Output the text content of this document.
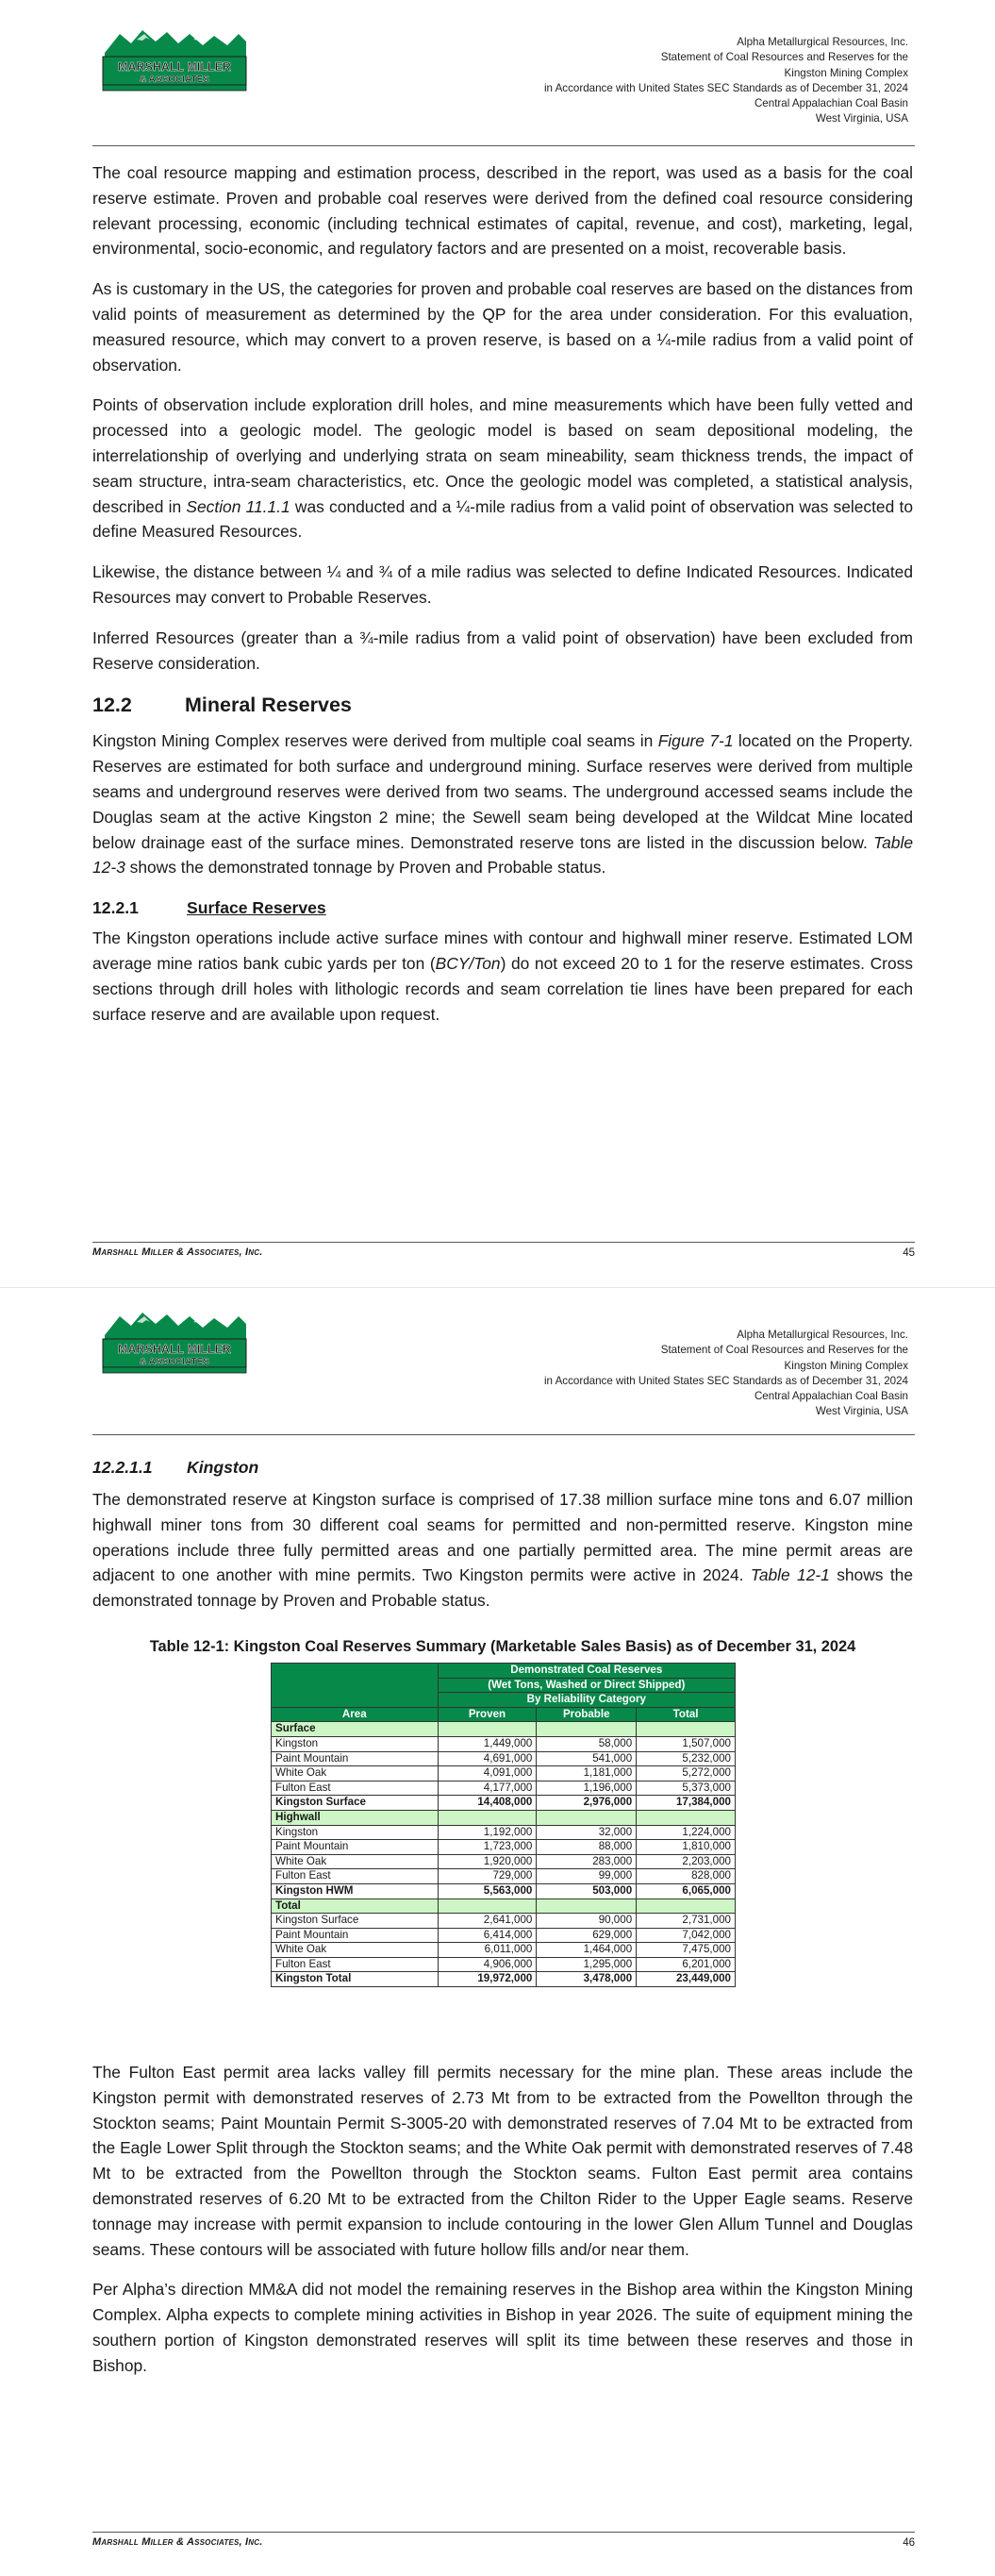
MARSHALL MILLER
& ASSOCIATES
Alpha Metallurgical Resources, Inc.
Statement of Coal Resources and Reserves for the
Kingston Mining Complex
in Accordance with United States SEC Standards as of December 31, 2024
Central Appalachian Coal Basin
West Virginia, USA

The coal resource mapping and estimation process, described in the report, was used as a basis for the coal reserve estimate. Proven and probable coal reserves were derived from the defined coal resource considering relevant processing, economic (including technical estimates of capital, revenue, and cost), marketing, legal, environmental, socio-economic, and regulatory factors and are presented on a moist, recoverable basis.

As is customary in the US, the categories for proven and probable coal reserves are based on the distances from valid points of measurement as determined by the QP for the area under consideration. For this evaluation, measured resource, which may convert to a proven reserve, is based on a ¼-mile radius from a valid point of observation.

Points of observation include exploration drill holes, and mine measurements which have been fully vetted and processed into a geologic model. The geologic model is based on seam depositional modeling, the interrelationship of overlying and underlying strata on seam mineability, seam thickness trends, the impact of seam structure, intra-seam characteristics, etc. Once the geologic model was completed, a statistical analysis, described in Section 11.1.1 was conducted and a ¼-mile radius from a valid point of observation was selected to define Measured Resources.

Likewise, the distance between ¼ and ¾ of a mile radius was selected to define Indicated Resources. Indicated Resources may convert to Probable Reserves.

Inferred Resources (greater than a ¾-mile radius from a valid point of observation) have been excluded from Reserve consideration.

12.2	Mineral Reserves

Kingston Mining Complex reserves were derived from multiple coal seams in Figure 7-1 located on the Property. Reserves are estimated for both surface and underground mining. Surface reserves were derived from multiple seams and underground reserves were derived from two seams. The underground accessed seams include the Douglas seam at the active Kingston 2 mine; the Sewell seam being developed at the Wildcat Mine located below drainage east of the surface mines. Demonstrated reserve tons are listed in the discussion below. Table 12-3 shows the demonstrated tonnage by Proven and Probable status.

12.2.1	Surface Reserves

The Kingston operations include active surface mines with contour and highwall miner reserve. Estimated LOM average mine ratios bank cubic yards per ton (BCY/Ton) do not exceed 20 to 1 for the reserve estimates. Cross sections through drill holes with lithologic records and seam correlation tie lines have been prepared for each surface reserve and are available upon request.

Marshall Miller & Associates, Inc.	45
MARSHALL MILLER
& ASSOCIATES
Alpha Metallurgical Resources, Inc.
Statement of Coal Resources and Reserves for the
Kingston Mining Complex
in Accordance with United States SEC Standards as of December 31, 2024
Central Appalachian Coal Basin
West Virginia, USA
12.2.1.1 Kingston

The demonstrated reserve at Kingston surface is comprised of 17.38 million surface mine tons and 6.07 million highwall miner tons from 30 different coal seams for permitted and non-permitted reserve. Kingston mine operations include three fully permitted areas and one partially permitted area. The mine permit areas are adjacent to one another with mine permits. Two Kingston permits were active in 2024. Table 12-1 shows the demonstrated tonnage by Proven and Probable status.

Table 12-1: Kingston Coal Reserves Summary (Marketable Sales Basis) as of December 31, 2024
	Demonstrated Coal Reserves		
	(Wet Tons, Washed or Direct Shipped)		
	By Reliability Category		
Area	Proven	Probable	Total
Surface			
Kingston	1,449,000	58,000	1,507,000
Paint Mountain	4,691,000	541,000	5,232,000
White Oak	4,091,000	1,181,000	5,272,000
Fulton East	4,177,000	1,196,000	5,373,000
Kingston Surface	14,408,000	2,976,000	17,384,000
Highwall			
Kingston	1,192,000	32,000	1,224,000
Paint Mountain	1,723,000	88,000	1,810,000
White Oak	1,920,000	283,000	2,203,000
Fulton East	729,000	99,000	828,000
Kingston HWM	5,563,000	503,000	6,065,000
Total			
Kingston Surface	2,641,000	90,000	2,731,000
Paint Mountain	6,414,000	629,000	7,042,000
White Oak	6,011,000	1,464,000	7,475,000
Fulton East	4,906,000	1,295,000	6,201,000
Kingston Total	19,972,000	3,478,000	23,449,000

The Fulton East permit area lacks valley fill permits necessary for the mine plan. These areas include the Kingston permit with demonstrated reserves of 2.73 Mt from to be extracted from the Powellton through the Stockton seams; Paint Mountain Permit S-3005-20 with demonstrated reserves of 7.04 Mt to be extracted from the Eagle Lower Split through the Stockton seams; and the White Oak permit with demonstrated reserves of 7.48 Mt to be extracted from the Powellton through the Stockton seams. Fulton East permit area contains demonstrated reserves of 6.20 Mt to be extracted from the Chilton Rider to the Upper Eagle seams. Reserve tonnage may increase with permit expansion to include contouring in the lower Glen Allum Tunnel and Douglas seams. These contours will be associated with future hollow fills and/or near them.

Per Alpha’s direction MM&A did not model the remaining reserves in the Bishop area within the Kingston Mining Complex. Alpha expects to complete mining activities in Bishop in year 2026. The suite of equipment mining the southern portion of Kingston demonstrated reserves will split its time between these reserves and those in Bishop.

Marshall Miller & Associates, Inc.	46
